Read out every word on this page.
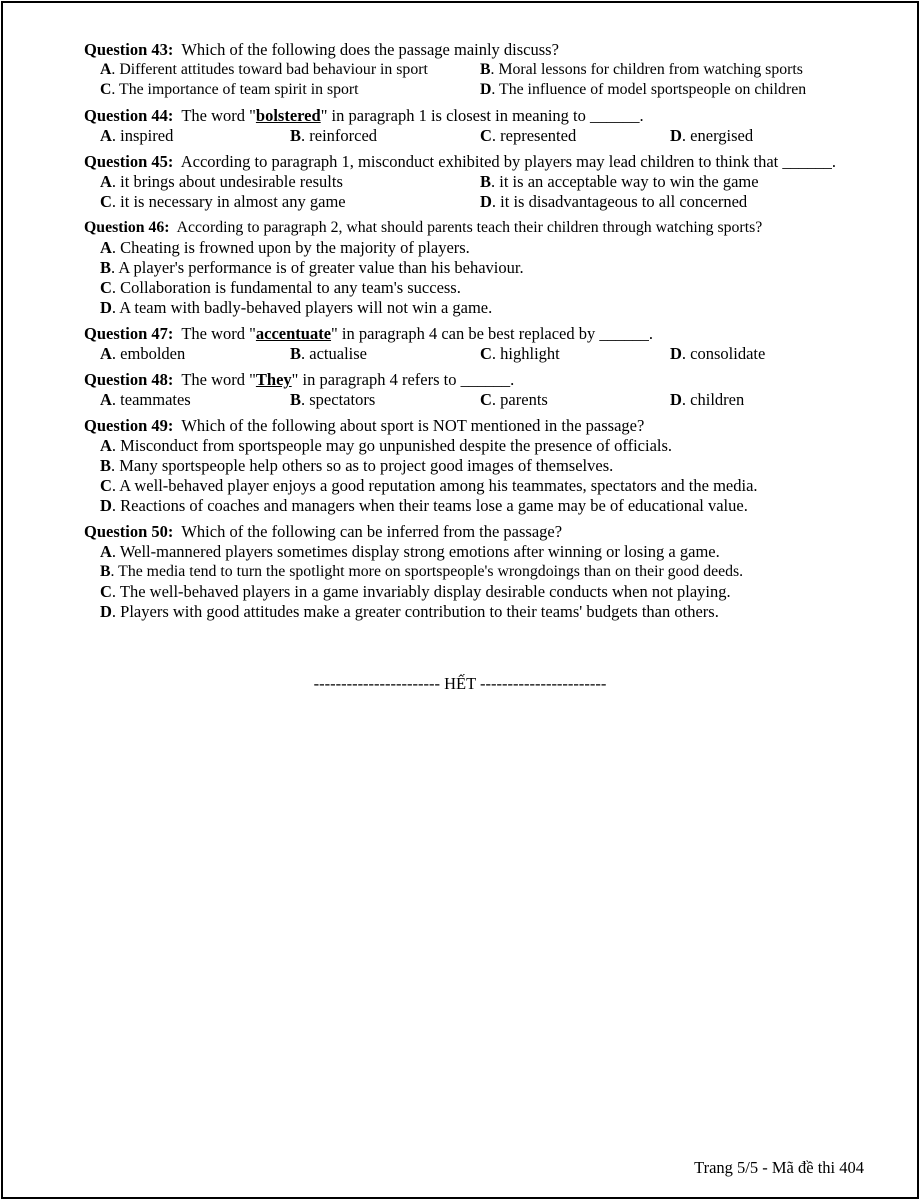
Question 43: Which of the following does the passage mainly discuss?
A. Different attitudes toward bad behaviour in sport	B. Moral lessons for children from watching sports
C. The importance of team spirit in sport	D. The influence of model sportspeople on children
Question 44: The word "bolstered" in paragraph 1 is closest in meaning to ______.
A. inspired	B. reinforced	C. represented	D. energised
Question 45: According to paragraph 1, misconduct exhibited by players may lead children to think that ______.
A. it brings about undesirable results	B. it is an acceptable way to win the game
C. it is necessary in almost any game	D. it is disadvantageous to all concerned
Question 46: According to paragraph 2, what should parents teach their children through watching sports?
A. Cheating is frowned upon by the majority of players.
B. A player's performance is of greater value than his behaviour.
C. Collaboration is fundamental to any team's success.
D. A team with badly-behaved players will not win a game.
Question 47: The word "accentuate" in paragraph 4 can be best replaced by ______.
A. embolden	B. actualise	C. highlight	D. consolidate
Question 48: The word "They" in paragraph 4 refers to ______.
A. teammates	B. spectators	C. parents	D. children
Question 49: Which of the following about sport is NOT mentioned in the passage?
A. Misconduct from sportspeople may go unpunished despite the presence of officials.
B. Many sportspeople help others so as to project good images of themselves.
C. A well-behaved player enjoys a good reputation among his teammates, spectators and the media.
D. Reactions of coaches and managers when their teams lose a game may be of educational value.
Question 50: Which of the following can be inferred from the passage?
A. Well-mannered players sometimes display strong emotions after winning or losing a game.
B. The media tend to turn the spotlight more on sportspeople's wrongdoings than on their good deeds.
C. The well-behaved players in a game invariably display desirable conducts when not playing.
D. Players with good attitudes make a greater contribution to their teams' budgets than others.
----------------------- HẾT -----------------------
Trang 5/5 - Mã đề thi 404
